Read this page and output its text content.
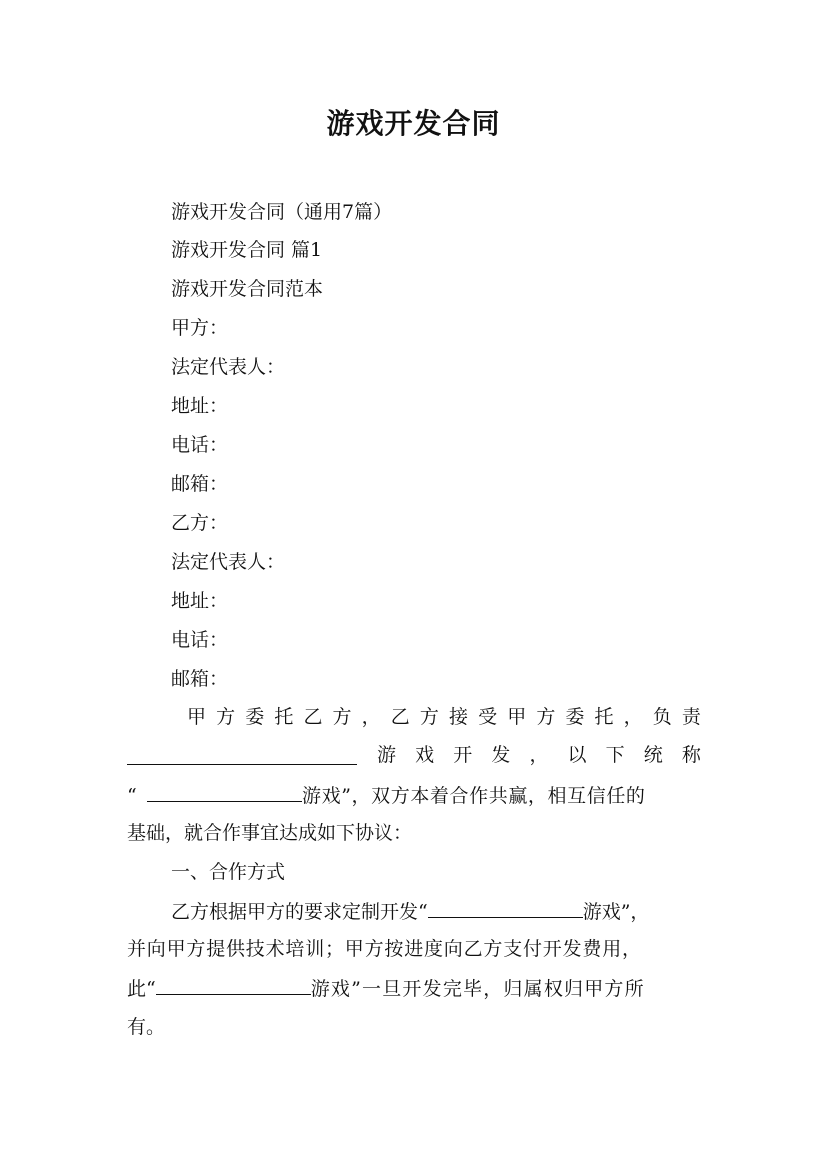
游戏开发合同
游戏开发合同（通用7篇）
游戏开发合同 篇1
游戏开发合同范本
甲方：
法定代表人：
地址：
电话：
邮箱：
乙方：
法定代表人：
地址：
电话：
邮箱：
甲 方 委 托 乙 方 ， 乙 方 接 受 甲 方 委 托 ， 负 责
游 戏 开 发 ， 以 下 统 称
“	游戏”，双方本着合作共赢，相互信任的
基础，就合作事宜达成如下协议：
一、合作方式
乙方根据甲方的要求定制开发“	游戏”，
并向甲方提供技术培训；甲方按进度向乙方支付开发费用，
此“	游戏”一旦开发完毕，归属权归甲方所
有。
